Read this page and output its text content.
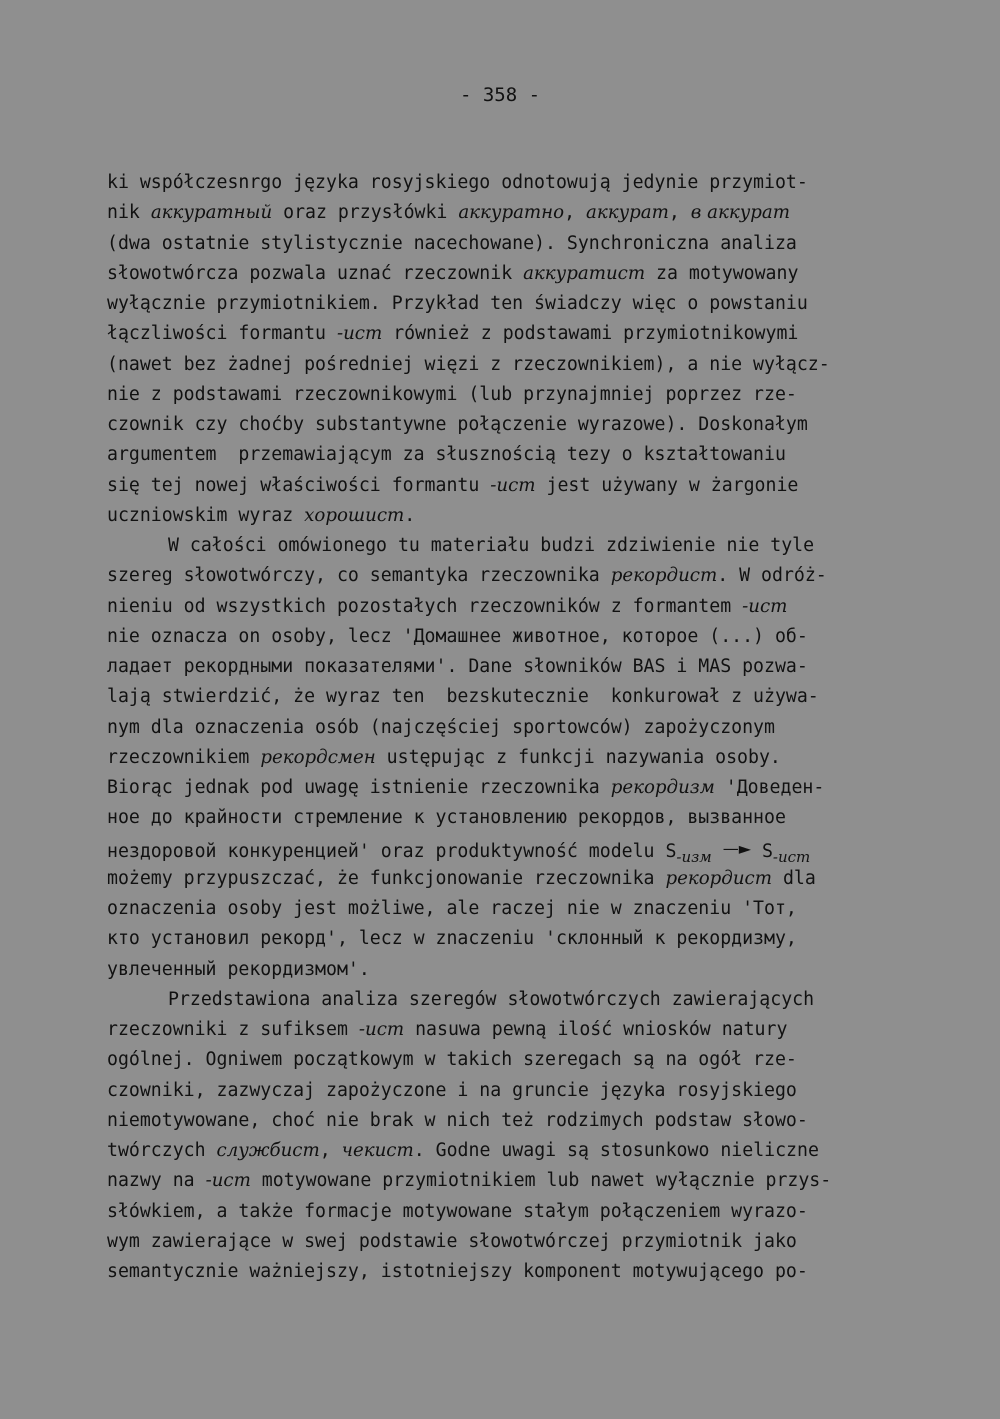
- 358 -
ki współczesnrgo języka rosyjskiego odnotowują jedynie przymiot-
nik аккуратный oraz przysłówki аккуратно, аккурат, в аккурат
(dwa ostatnie stylistycznie nacechowane). Synchroniczna analiza
słowotwórcza pozwala uznać rzeczownik аккуратист za motywowany
wyłącznie przymiotnikiem. Przykład ten świadczy więc o powstaniu
łączliwości formantu -ист również z podstawami przymiotnikowymi
(nawet bez żadnej pośredniej więzi z rzeczownikiem), a nie wyłącz-
nie z podstawami rzeczownikowymi (lub przynajmniej poprzez rze-
czownik czy choćby substantywne połączenie wyrazowe). Doskonałym
argumentem  przemawiającym za słusznością tezy o kształtowaniu
się tej nowej właściwości formantu -ист jest używany w żargonie
uczniowskim wyraz хорошист.
W całości omówionego tu materiału budzi zdziwienie nie tyle
szereg słowotwórczy, co semantyka rzeczownika рекордист. W odróż-
nieniu od wszystkich pozostałych rzeczowników z formantem -ист
nie oznacza on osoby, lecz 'Домашнее животное, которое (...) об-
ладает рекордными показателями'. Dane słowników BAS i MAS pozwa-
lają stwierdzić, że wyraz ten  bezskutecznie  konkurował z używa-
nym dla oznaczenia osób (najczęściej sportowców) zapożyczonym
rzeczownikiem рекордсмен ustępując z funkcji nazywania osoby.
Biorąc jednak pod uwagę istnienie rzeczownika рекордизм 'Доведен-
ное до крайности стремление к установлению рекордов, вызванное
нездоровой конкуренцией' oraz produktywność modelu $S_{-изм}$ —► $S_{-ист}$
możemy przypuszczać, że funkcjonowanie rzeczownika рекордист dla
oznaczenia osoby jest możliwe, ale raczej nie w znaczeniu 'Тот,
кто установил рекорд', lecz w znaczeniu 'склонный к рекордизму,
увлеченный рекордизмом'.
Przedstawiona analiza szeregów słowotwórczych zawierających
rzeczowniki z sufiksem -ист nasuwa pewną ilość wniosków natury
ogólnej. Ogniwem początkowym w takich szeregach są na ogół rze-
czowniki, zazwyczaj zapożyczone i na gruncie języka rosyjskiego
niemotywowane, choć nie brak w nich też rodzimych podstaw słowo-
twórczych службист, чекист. Godne uwagi są stosunkowo nieliczne
nazwy na -ист motywowane przymiotnikiem lub nawet wyłącznie przys-
słówkiem, a także formacje motywowane stałym połączeniem wyrazo-
wym zawierające w swej podstawie słowotwórczej przymiotnik jako
semantycznie ważniejszy, istotniejszy komponent motywującego po-
